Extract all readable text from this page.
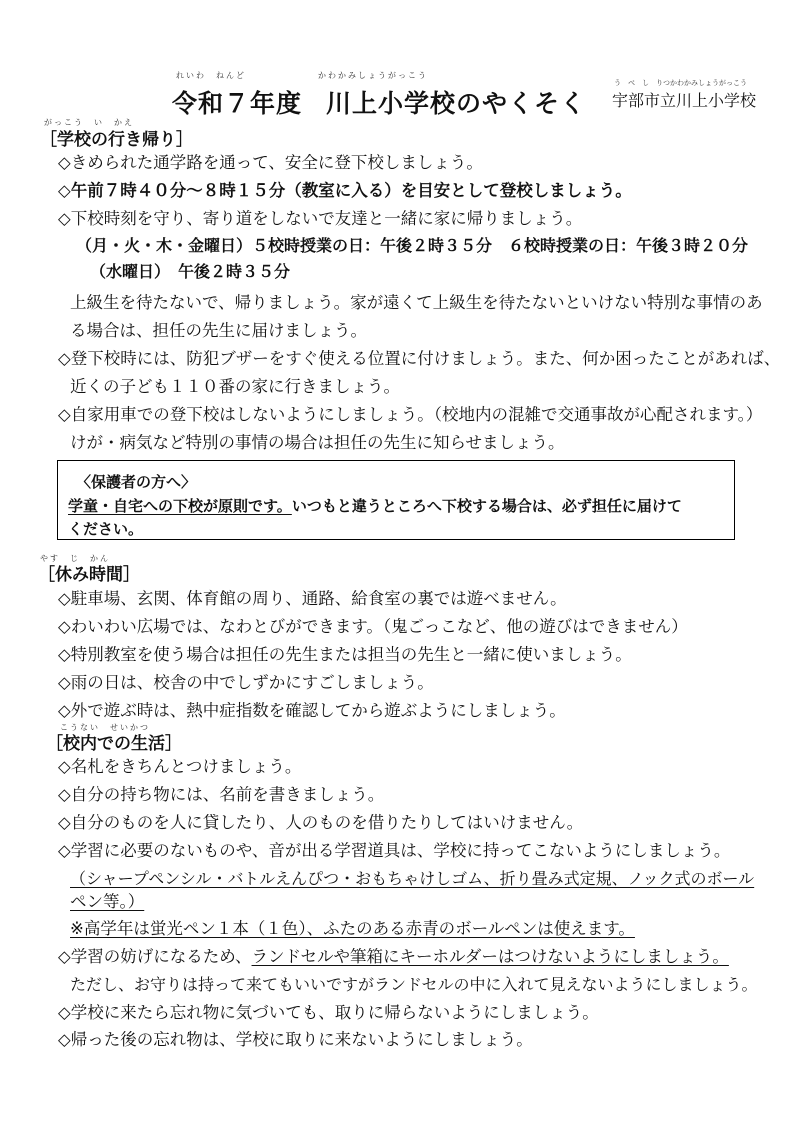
れいわ　ねんど	かわかみしょうがっこう
令和７年度 川上小学校のやくそく
う　べ　し　りつかわかみしょうがっこう
宇部市立川上小学校
がっこう　い　かえ
［学校の行き帰り］
◇きめられた通学路を通って、安全に登下校しましょう。
◇午前７時４０分～８時１５分（教室に入る）を目安として登校しましょう。
◇下校時刻を守り、寄り道をしないで友達と一緒に家に帰りましょう。
（月・火・木・金曜日）５校時授業の日：午後２時３５分　６校時授業の日：午後３時２０分
（水曜日）　午後２時３５分
上級生を待たないで、帰りましょう。家が遠くて上級生を待たないといけない特別な事情のあ
る場合は、担任の先生に届けましょう。
◇登下校時には、防犯ブザーをすぐ使える位置に付けましょう。また、何か困ったことがあれば、
近くの子ども１１０番の家に行きましょう。
◇自家用車での登下校はしないようにしましょう。（校地内の混雑で交通事故が心配されます。）
けが・病気など特別の事情の場合は担任の先生に知らせましょう。
〈保護者の方へ〉
学童・自宅への下校が原則です。いつもと違うところへ下校する場合は、必ず担任に届けて
ください。
やす　じ　かん
［休み時間］
◇駐車場、玄関、体育館の周り、通路、給食室の裏では遊べません。
◇わいわい広場では、なわとびができます。（鬼ごっこなど、他の遊びはできません）
◇特別教室を使う場合は担任の先生または担当の先生と一緒に使いましょう。
◇雨の日は、校舎の中でしずかにすごしましょう。
◇外で遊ぶ時は、熱中症指数を確認してから遊ぶようにしましょう。
こうない　せいかつ
［校内での生活］
◇名札をきちんとつけましょう。
◇自分の持ち物には、名前を書きましょう。
◇自分のものを人に貸したり、人のものを借りたりしてはいけません。
◇学習に必要のないものや、音が出る学習道具は、学校に持ってこないようにしましょう。
（シャープペンシル・バトルえんぴつ・おもちゃけしゴム、折り畳み式定規、ノック式のボール
ペン等。）
※高学年は蛍光ペン１本（１色）、ふたのある赤青のボールペンは使えます。
◇学習の妨げになるため、ランドセルや筆箱にキーホルダーはつけないようにしましょう。
ただし、お守りは持って来てもいいですがランドセルの中に入れて見えないようにしましょう。
◇学校に来たら忘れ物に気づいても、取りに帰らないようにしましょう。
◇帰った後の忘れ物は、学校に取りに来ないようにしましょう。
